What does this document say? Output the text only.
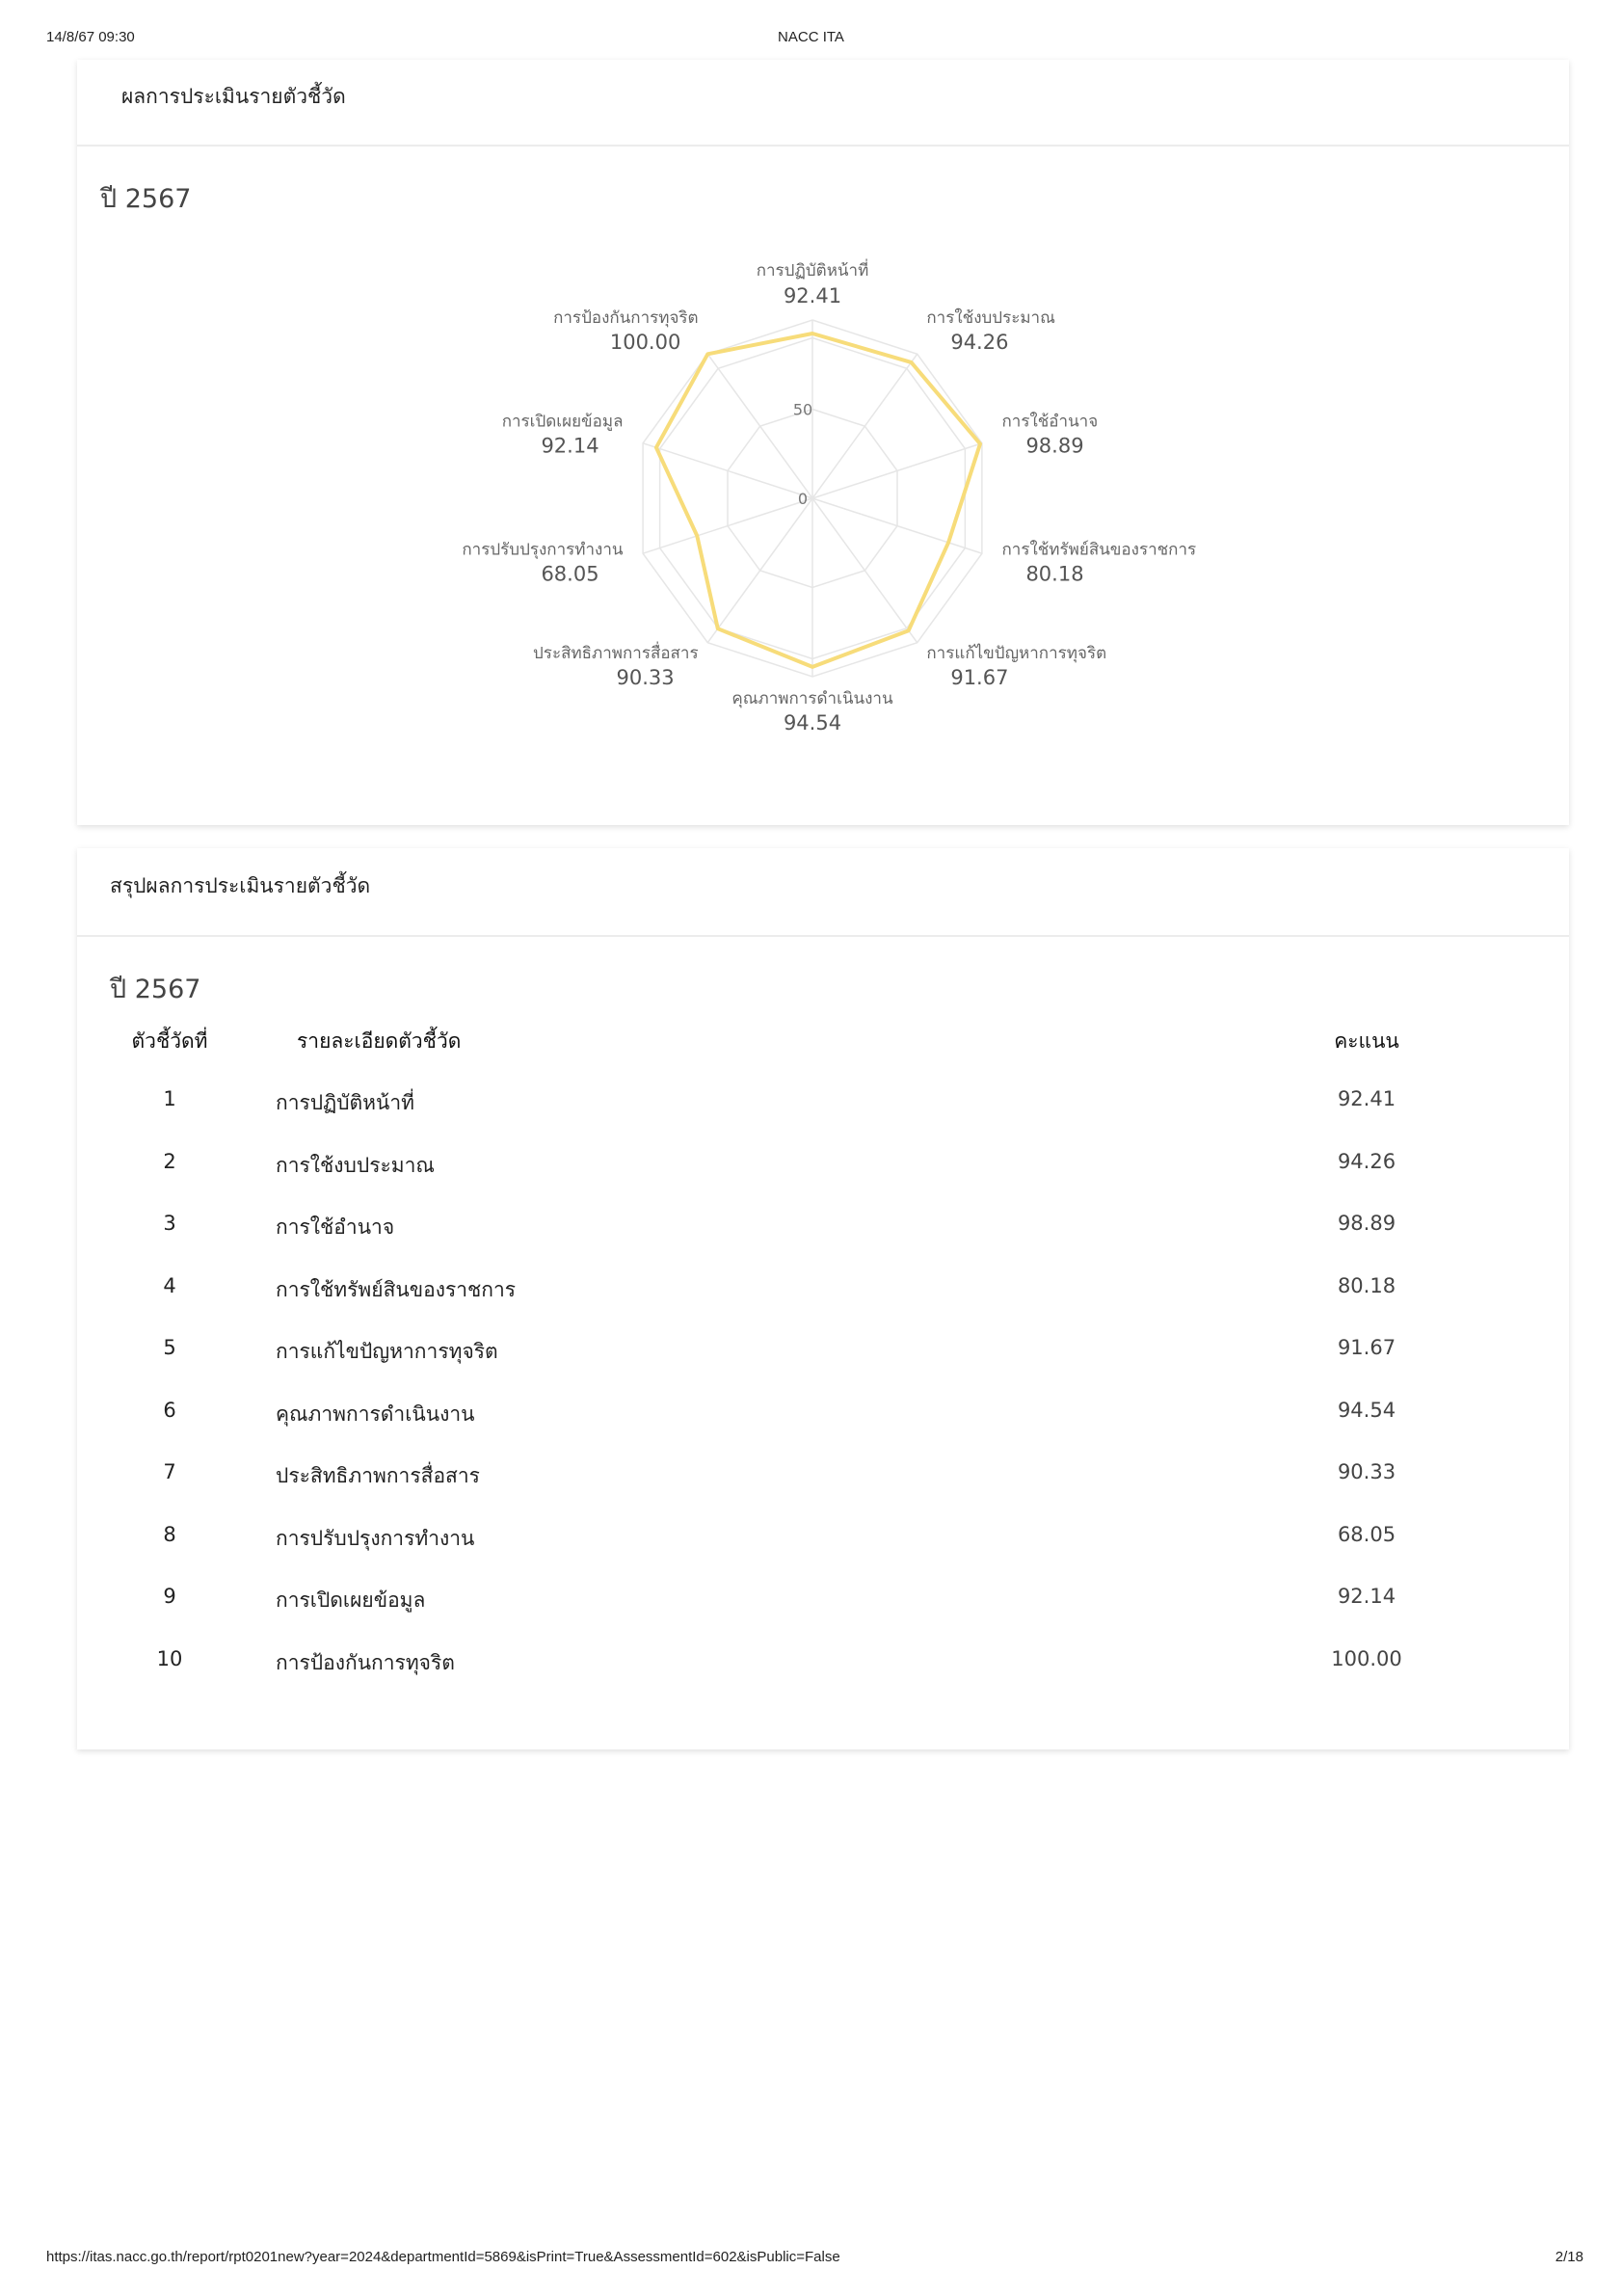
14/8/67 09:30	NACC ITA
ผลการประเมินรายตัวชี้วัด
ปี 2567
0
50
การปฏิบัติหน้าที่
92.41
การใช้งบประมาณ
94.26
การใช้อำนาจ
98.89
การใช้ทรัพย์สินของราชการ
80.18
การแก้ไขปัญหาการทุจริต
91.67
คุณภาพการดำเนินงาน
94.54
ประสิทธิภาพการสื่อสาร
90.33
การปรับปรุงการทำงาน
68.05
การเปิดเผยข้อมูล
92.14
การป้องกันการทุจริต
100.00
สรุปผลการประเมินรายตัวชี้วัด
ปี 2567
ตัวชี้วัดที่	รายละเอียดตัวชี้วัด	คะแนน
1	การปฏิบัติหน้าที่	92.41
2	การใช้งบประมาณ	94.26
3	การใช้อำนาจ	98.89
4	การใช้ทรัพย์สินของราชการ	80.18
5	การแก้ไขปัญหาการทุจริต	91.67
6	คุณภาพการดำเนินงาน	94.54
7	ประสิทธิภาพการสื่อสาร	90.33
8	การปรับปรุงการทำงาน	68.05
9	การเปิดเผยข้อมูล	92.14
10	การป้องกันการทุจริต	100.00
https://itas.nacc.go.th/report/rpt0201new?year=2024&departmentId=5869&isPrint=True&AssessmentId=602&isPublic=False	2/18
